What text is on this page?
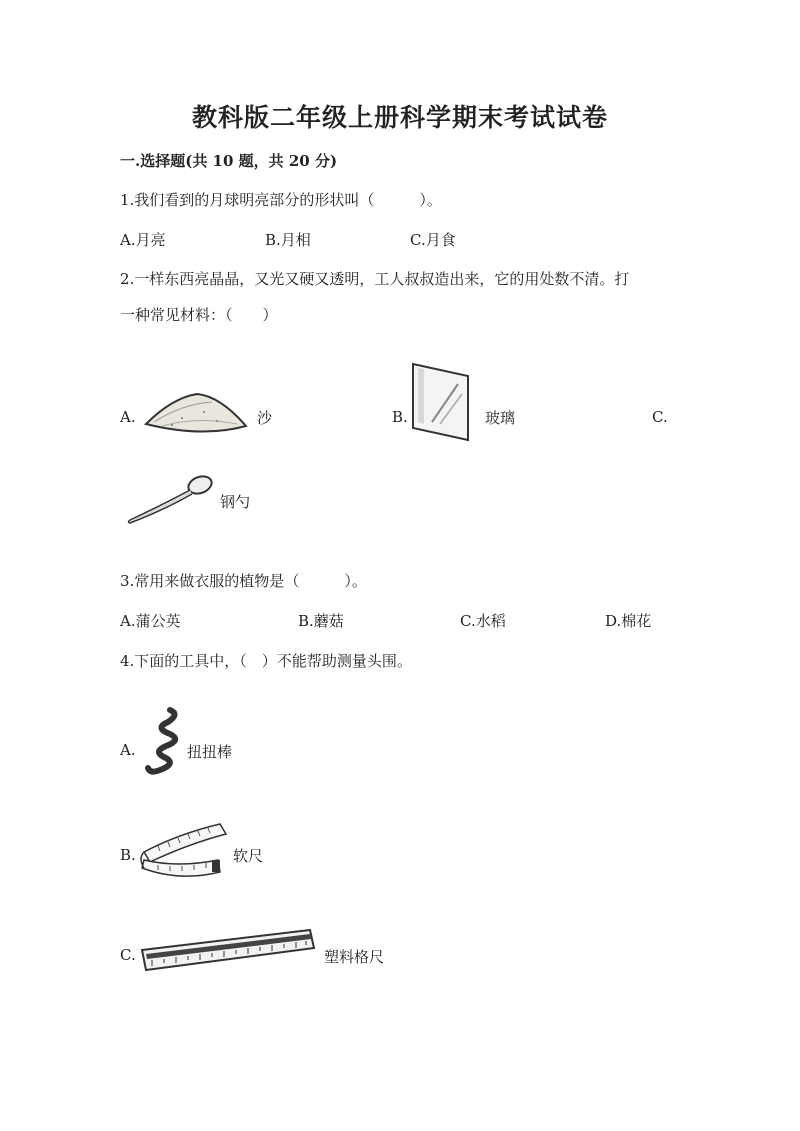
教科版二年级上册科学期末考试试卷
一.选择题(共 10 题，共 20 分)
1.我们看到的月球明亮部分的形状叫（　　　）。
A.月亮	B.月相	C.月食
2.一样东西亮晶晶，又光又硬又透明，工人叔叔造出来，它的用处数不清。打
一种常见材料：（　　）
A.	沙	B.	玻璃	C.
钢勺
3.常用来做衣服的植物是（　　　）。
A.蒲公英	B.蘑菇	C.水稻	D.棉花
4.下面的工具中，（　）不能帮助测量头围。
A.	扭扭棒
B.	软尺
C.	塑料格尺
